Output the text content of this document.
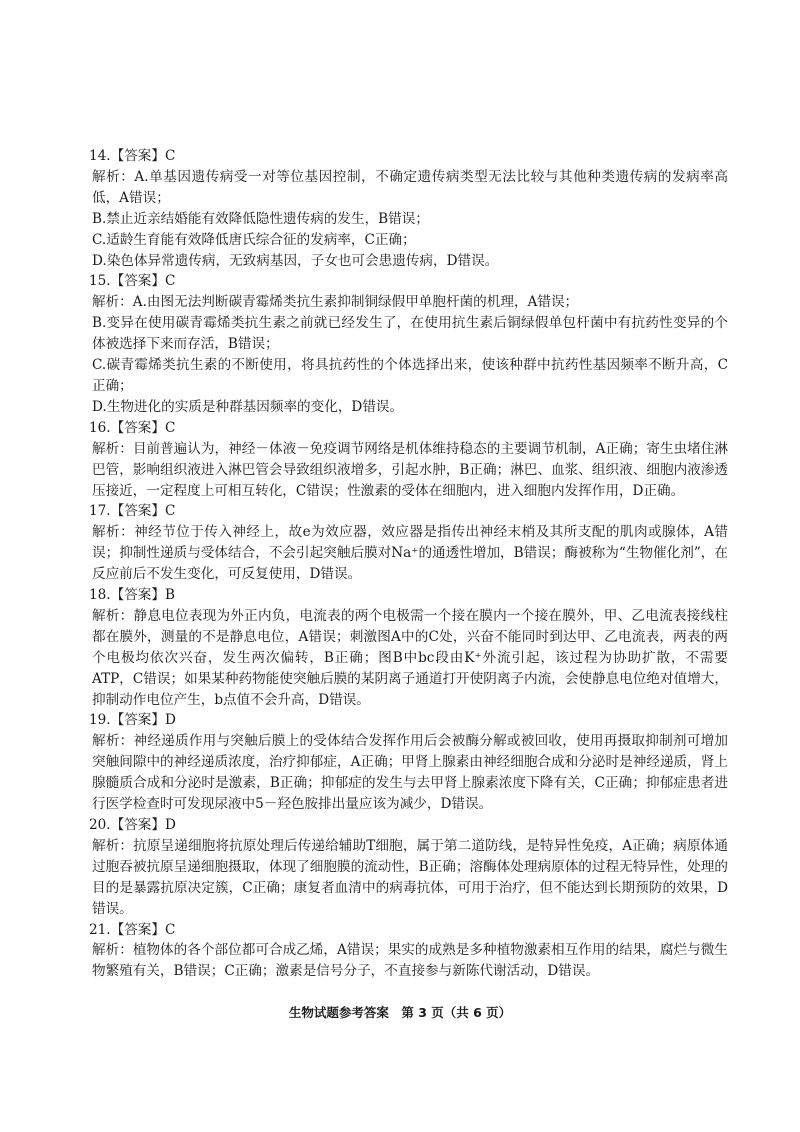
14.【答案】C

解析：A.单基因遗传病受一对等位基因控制，不确定遗传病类型无法比较与其他种类遗传病的发病率高低，A错误；

B.禁止近亲结婚能有效降低隐性遗传病的发生，B错误；

C.适龄生育能有效降低唐氏综合征的发病率，C正确；

D.染色体异常遗传病，无致病基因，子女也可会患遗传病，D错误。

15.【答案】C

解析：A.由图无法判断碳青霉烯类抗生素抑制铜绿假甲单胞杆菌的机理，A错误；

B.变异在使用碳青霉烯类抗生素之前就已经发生了，在使用抗生素后铜绿假单包杆菌中有抗药性变异的个体被选择下来而存活，B错误；

C.碳青霉烯类抗生素的不断使用，将具抗药性的个体选择出来，使该种群中抗药性基因频率不断升高，C正确；

D.生物进化的实质是种群基因频率的变化，D错误。

16.【答案】C

解析：目前普遍认为，神经－体液－免疫调节网络是机体维持稳态的主要调节机制，A正确；寄生虫堵住淋巴管，影响组织液进入淋巴管会导致组织液增多，引起水肿，B正确；淋巴、血浆、组织液、细胞内液渗透压接近，一定程度上可相互转化，C错误；性激素的受体在细胞内，进入细胞内发挥作用，D正确。

17.【答案】C

解析：神经节位于传入神经上，故e为效应器，效应器是指传出神经末梢及其所支配的肌肉或腺体，A错误；抑制性递质与受体结合，不会引起突触后膜对Na⁺的通透性增加，B错误；酶被称为“生物催化剂”，在反应前后不发生变化，可反复使用，D错误。

18.【答案】B

解析：静息电位表现为外正内负，电流表的两个电极需一个接在膜内一个接在膜外，甲、乙电流表接线柱都在膜外，测量的不是静息电位，A错误；刺激图A中的C处，兴奋不能同时到达甲、乙电流表，两表的两个电极均依次兴奋，发生两次偏转，B正确；图B中bc段由K⁺外流引起，该过程为协助扩散，不需要ATP，C错误；如果某种药物能使突触后膜的某阴离子通道打开使阴离子内流，会使静息电位绝对值增大，抑制动作电位产生，b点值不会升高，D错误。

19.【答案】D

解析：神经递质作用与突触后膜上的受体结合发挥作用后会被酶分解或被回收，使用再摄取抑制剂可增加突触间隙中的神经递质浓度，治疗抑郁症，A正确；甲肾上腺素由神经细胞合成和分泌时是神经递质，肾上腺髓质合成和分泌时是激素，B正确；抑郁症的发生与去甲肾上腺素浓度下降有关，C正确；抑郁症患者进行医学检查时可发现尿液中5－羟色胺排出量应该为减少，D错误。

20.【答案】D

解析：抗原呈递细胞将抗原处理后传递给辅助T细胞，属于第二道防线，是特异性免疫，A正确；病原体通过胞吞被抗原呈递细胞摄取，体现了细胞膜的流动性，B正确；溶酶体处理病原体的过程无特异性，处理的目的是暴露抗原决定簇，C正确；康复者血清中的病毒抗体，可用于治疗，但不能达到长期预防的效果，D错误。

21.【答案】C

解析：植物体的各个部位都可合成乙烯，A错误；果实的成熟是多种植物激素相互作用的结果，腐烂与微生物繁殖有关，B错误；C正确；激素是信号分子，不直接参与新陈代谢活动，D错误。

生物试题参考答案　第 3 页（共 6 页）
